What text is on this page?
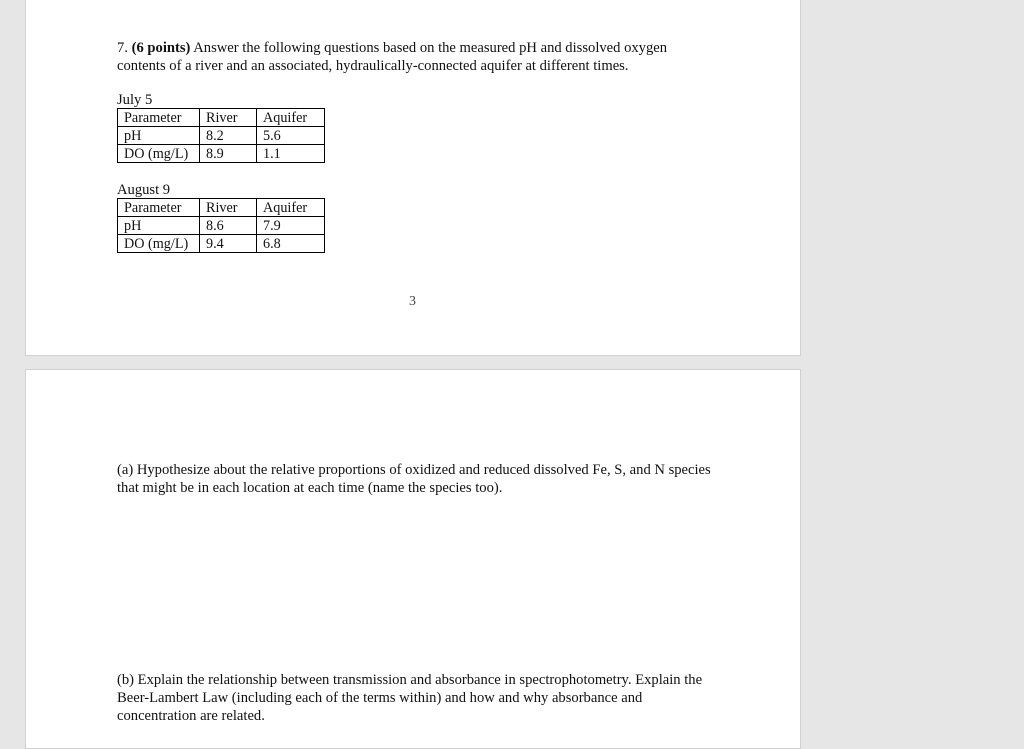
7. (6 points) Answer the following questions based on the measured pH and dissolved oxygen contents of a river and an associated, hydraulically-connected aquifer at different times.
July 5
Parameter	River	Aquifer
pH	8.2	5.6
DO (mg/L)	8.9	1.1
August 9
Parameter	River	Aquifer
pH	8.6	7.9
DO (mg/L)	9.4	6.8
3
(a) Hypothesize about the relative proportions of oxidized and reduced dissolved Fe, S, and N species that might be in each location at each time (name the species too).
(b) Explain the relationship between transmission and absorbance in spectrophotometry. Explain the Beer-Lambert Law (including each of the terms within) and how and why absorbance and concentration are related.
